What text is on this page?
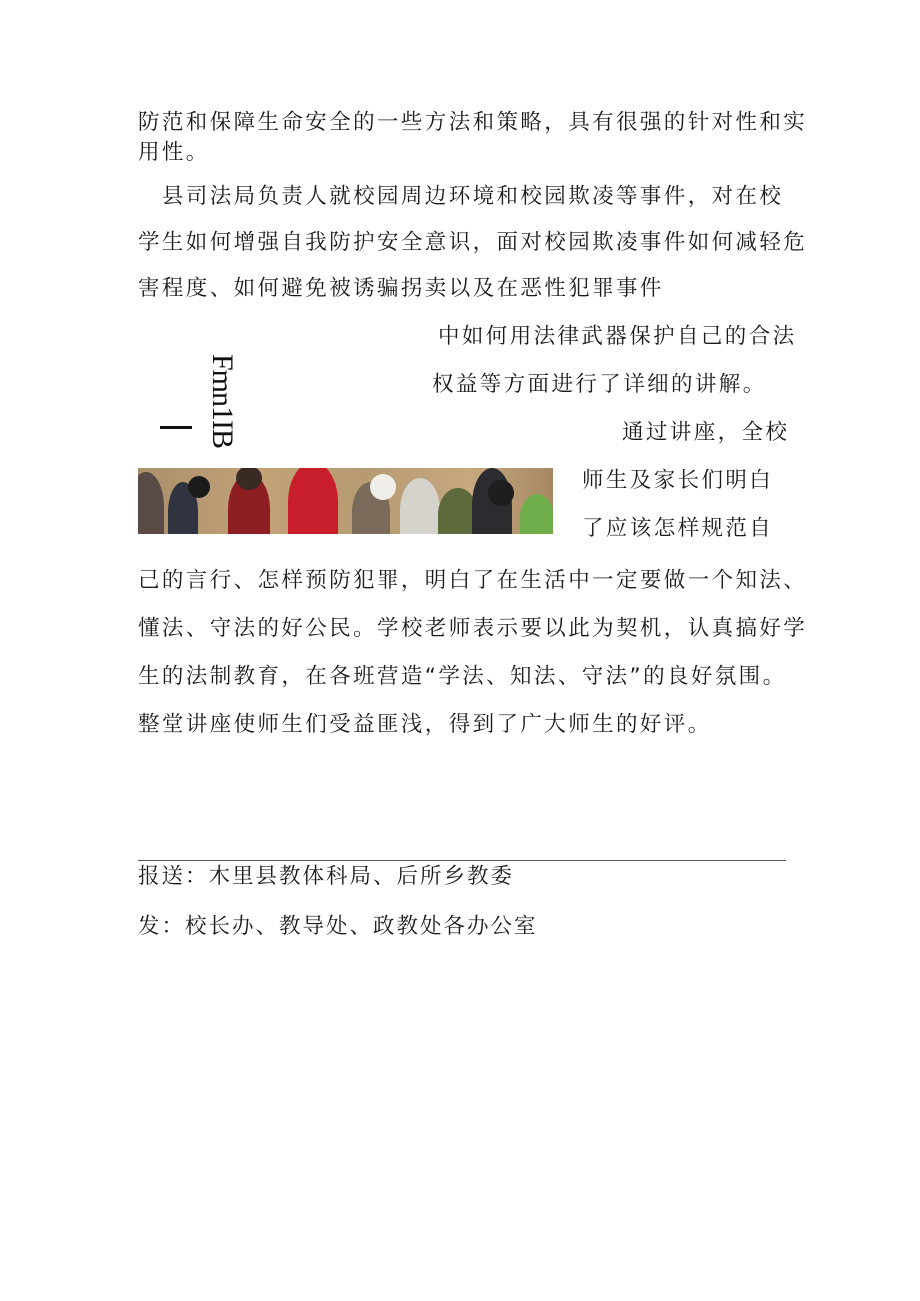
防范和保障生命安全的一些方法和策略，具有很强的针对性和实

用性。

　县司法局负责人就校园周边环境和校园欺凌等事件，对在校

学生如何增强自我防护安全意识，面对校园欺凌事件如何减轻危

害程度、如何避免被诱骗拐卖以及在恶性犯罪事件

中如何用法律武器保护自己的合法

权益等方面进行了详细的讲解。

通过讲座，全校

师生及家长们明白

了应该怎样规范自

Fmn1IB

己的言行、怎样预防犯罪，明白了在生活中一定要做一个知法、

懂法、守法的好公民。学校老师表示要以此为契机，认真搞好学

生的法制教育，在各班营造“学法、知法、守法”的良好氛围。

整堂讲座使师生们受益匪浅，得到了广大师生的好评。

报送：木里县教体科局、后所乡教委

发：校长办、教导处、政教处各办公室
